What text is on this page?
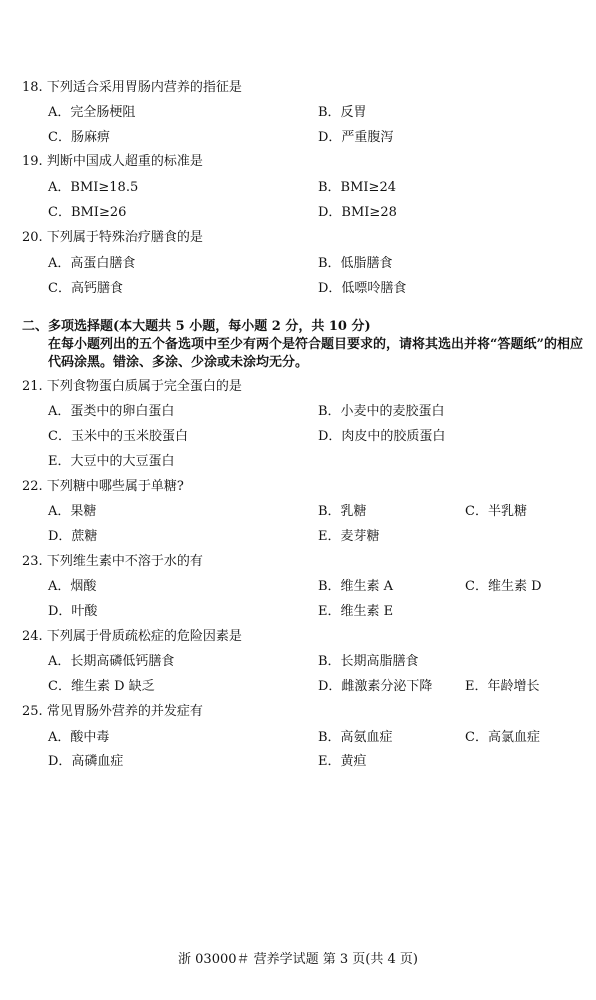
18. 下列适合采用胃肠内营养的指征是
A．完全肠梗阻	B．反胃
C．肠麻痹	D．严重腹泻
19. 判断中国成人超重的标准是
A．BMI≥18.5	B．BMI≥24
C．BMI≥26	D．BMI≥28
20. 下列属于特殊治疗膳食的是
A．高蛋白膳食	B．低脂膳食
C．高钙膳食	D．低嘌呤膳食
二、多项选择题(本大题共 5 小题，每小题 2 分，共 10 分)
在每小题列出的五个备选项中至少有两个是符合题目要求的，请将其选出并将“答题纸”的相应代码涂黑。错涂、多涂、少涂或未涂均无分。
21. 下列食物蛋白质属于完全蛋白的是
A．蛋类中的卵白蛋白	B．小麦中的麦胶蛋白
C．玉米中的玉米胶蛋白	D．肉皮中的胶质蛋白
E．大豆中的大豆蛋白
22. 下列糖中哪些属于单糖?
A．果糖	B．乳糖	C．半乳糖
D．蔗糖	E．麦芽糖
23. 下列维生素中不溶于水的有
A．烟酸	B．维生素 A	C．维生素 D
D．叶酸	E．维生素 E
24. 下列属于骨质疏松症的危险因素是
A．长期高磷低钙膳食	B．长期高脂膳食
C．维生素 D 缺乏	D．雌激素分泌下降	E．年龄增长
25. 常见胃肠外营养的并发症有
A．酸中毒	B．高氨血症	C．高氯血症
D．高磷血症	E．黄疸
浙 03000＃ 营养学试题 第 3 页(共 4 页)
